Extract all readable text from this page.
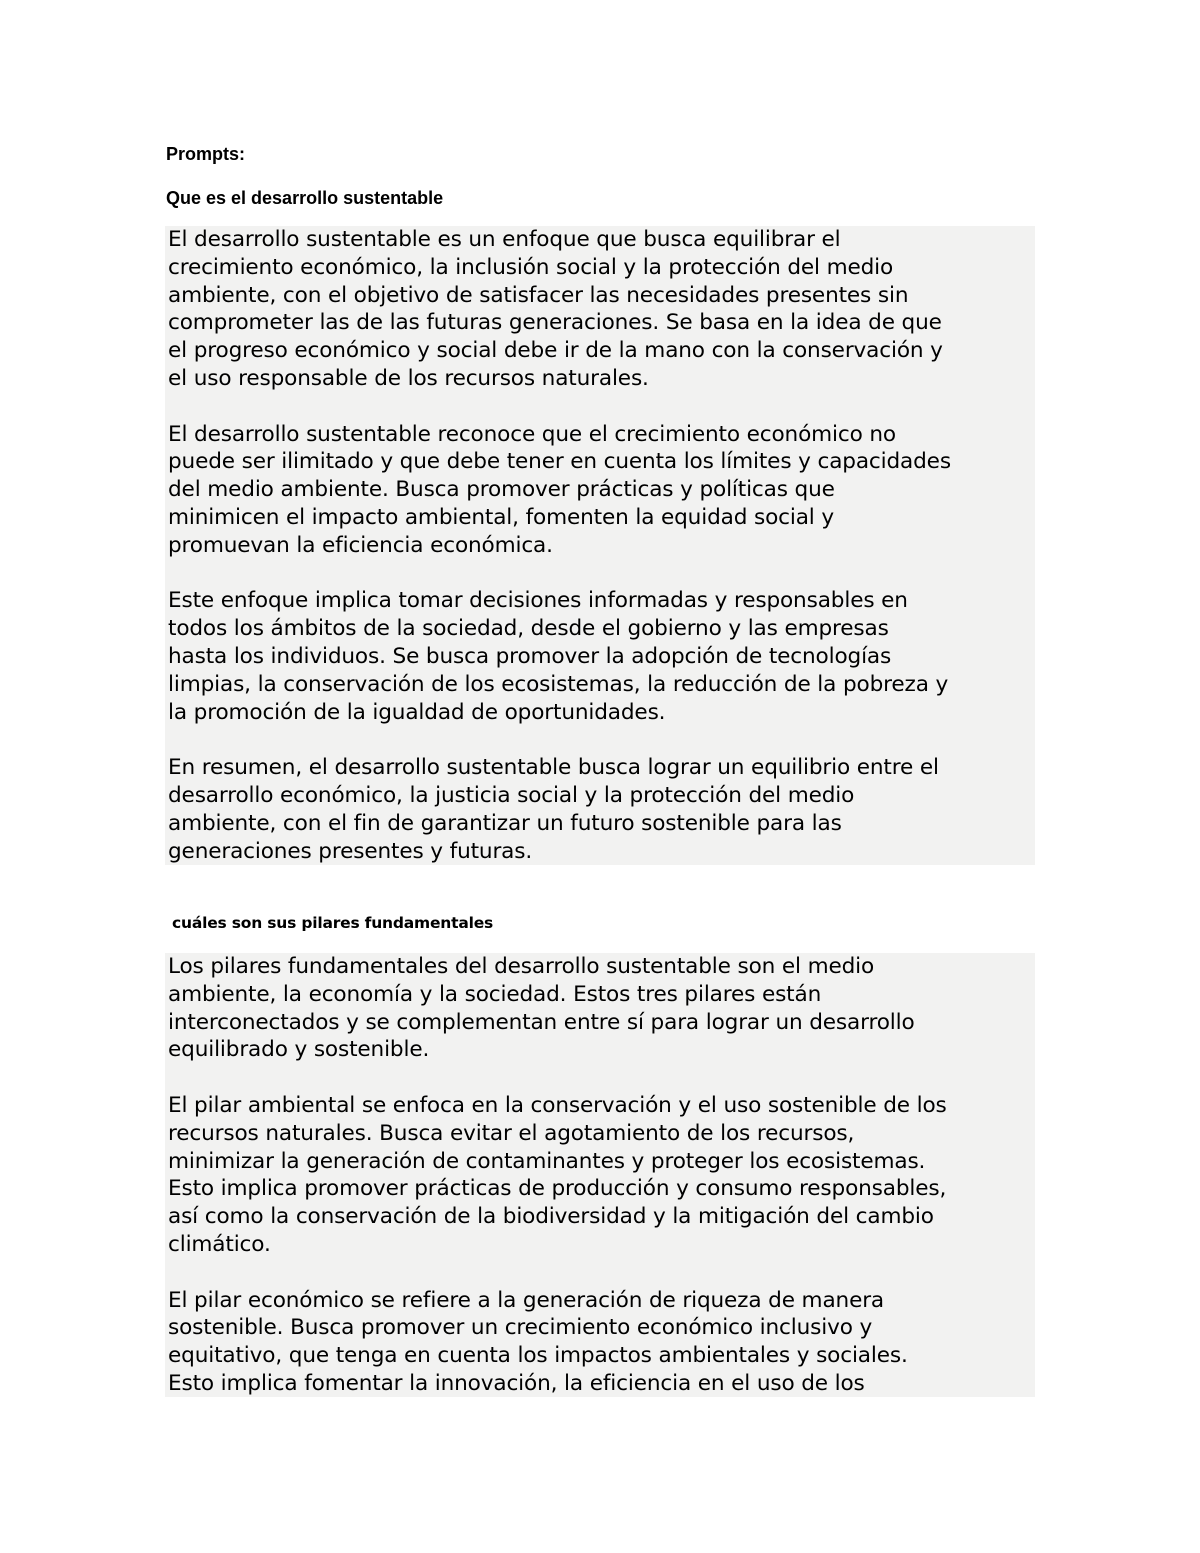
Prompts:
Que es el desarrollo sustentable

El desarrollo sustentable es un enfoque que busca equilibrar el
crecimiento económico, la inclusión social y la protección del medio
ambiente, con el objetivo de satisfacer las necesidades presentes sin
comprometer las de las futuras generaciones. Se basa en la idea de que
el progreso económico y social debe ir de la mano con la conservación y
el uso responsable de los recursos naturales.

El desarrollo sustentable reconoce que el crecimiento económico no
puede ser ilimitado y que debe tener en cuenta los límites y capacidades
del medio ambiente. Busca promover prácticas y políticas que
minimicen el impacto ambiental, fomenten la equidad social y
promuevan la eficiencia económica.

Este enfoque implica tomar decisiones informadas y responsables en
todos los ámbitos de la sociedad, desde el gobierno y las empresas
hasta los individuos. Se busca promover la adopción de tecnologías
limpias, la conservación de los ecosistemas, la reducción de la pobreza y
la promoción de la igualdad de oportunidades.

En resumen, el desarrollo sustentable busca lograr un equilibrio entre el
desarrollo económico, la justicia social y la protección del medio
ambiente, con el fin de garantizar un futuro sostenible para las
generaciones presentes y futuras.

cuáles son sus pilares fundamentales

Los pilares fundamentales del desarrollo sustentable son el medio
ambiente, la economía y la sociedad. Estos tres pilares están
interconectados y se complementan entre sí para lograr un desarrollo
equilibrado y sostenible.

El pilar ambiental se enfoca en la conservación y el uso sostenible de los
recursos naturales. Busca evitar el agotamiento de los recursos,
minimizar la generación de contaminantes y proteger los ecosistemas.
Esto implica promover prácticas de producción y consumo responsables,
así como la conservación de la biodiversidad y la mitigación del cambio
climático.

El pilar económico se refiere a la generación de riqueza de manera
sostenible. Busca promover un crecimiento económico inclusivo y
equitativo, que tenga en cuenta los impactos ambientales y sociales.
Esto implica fomentar la innovación, la eficiencia en el uso de los
